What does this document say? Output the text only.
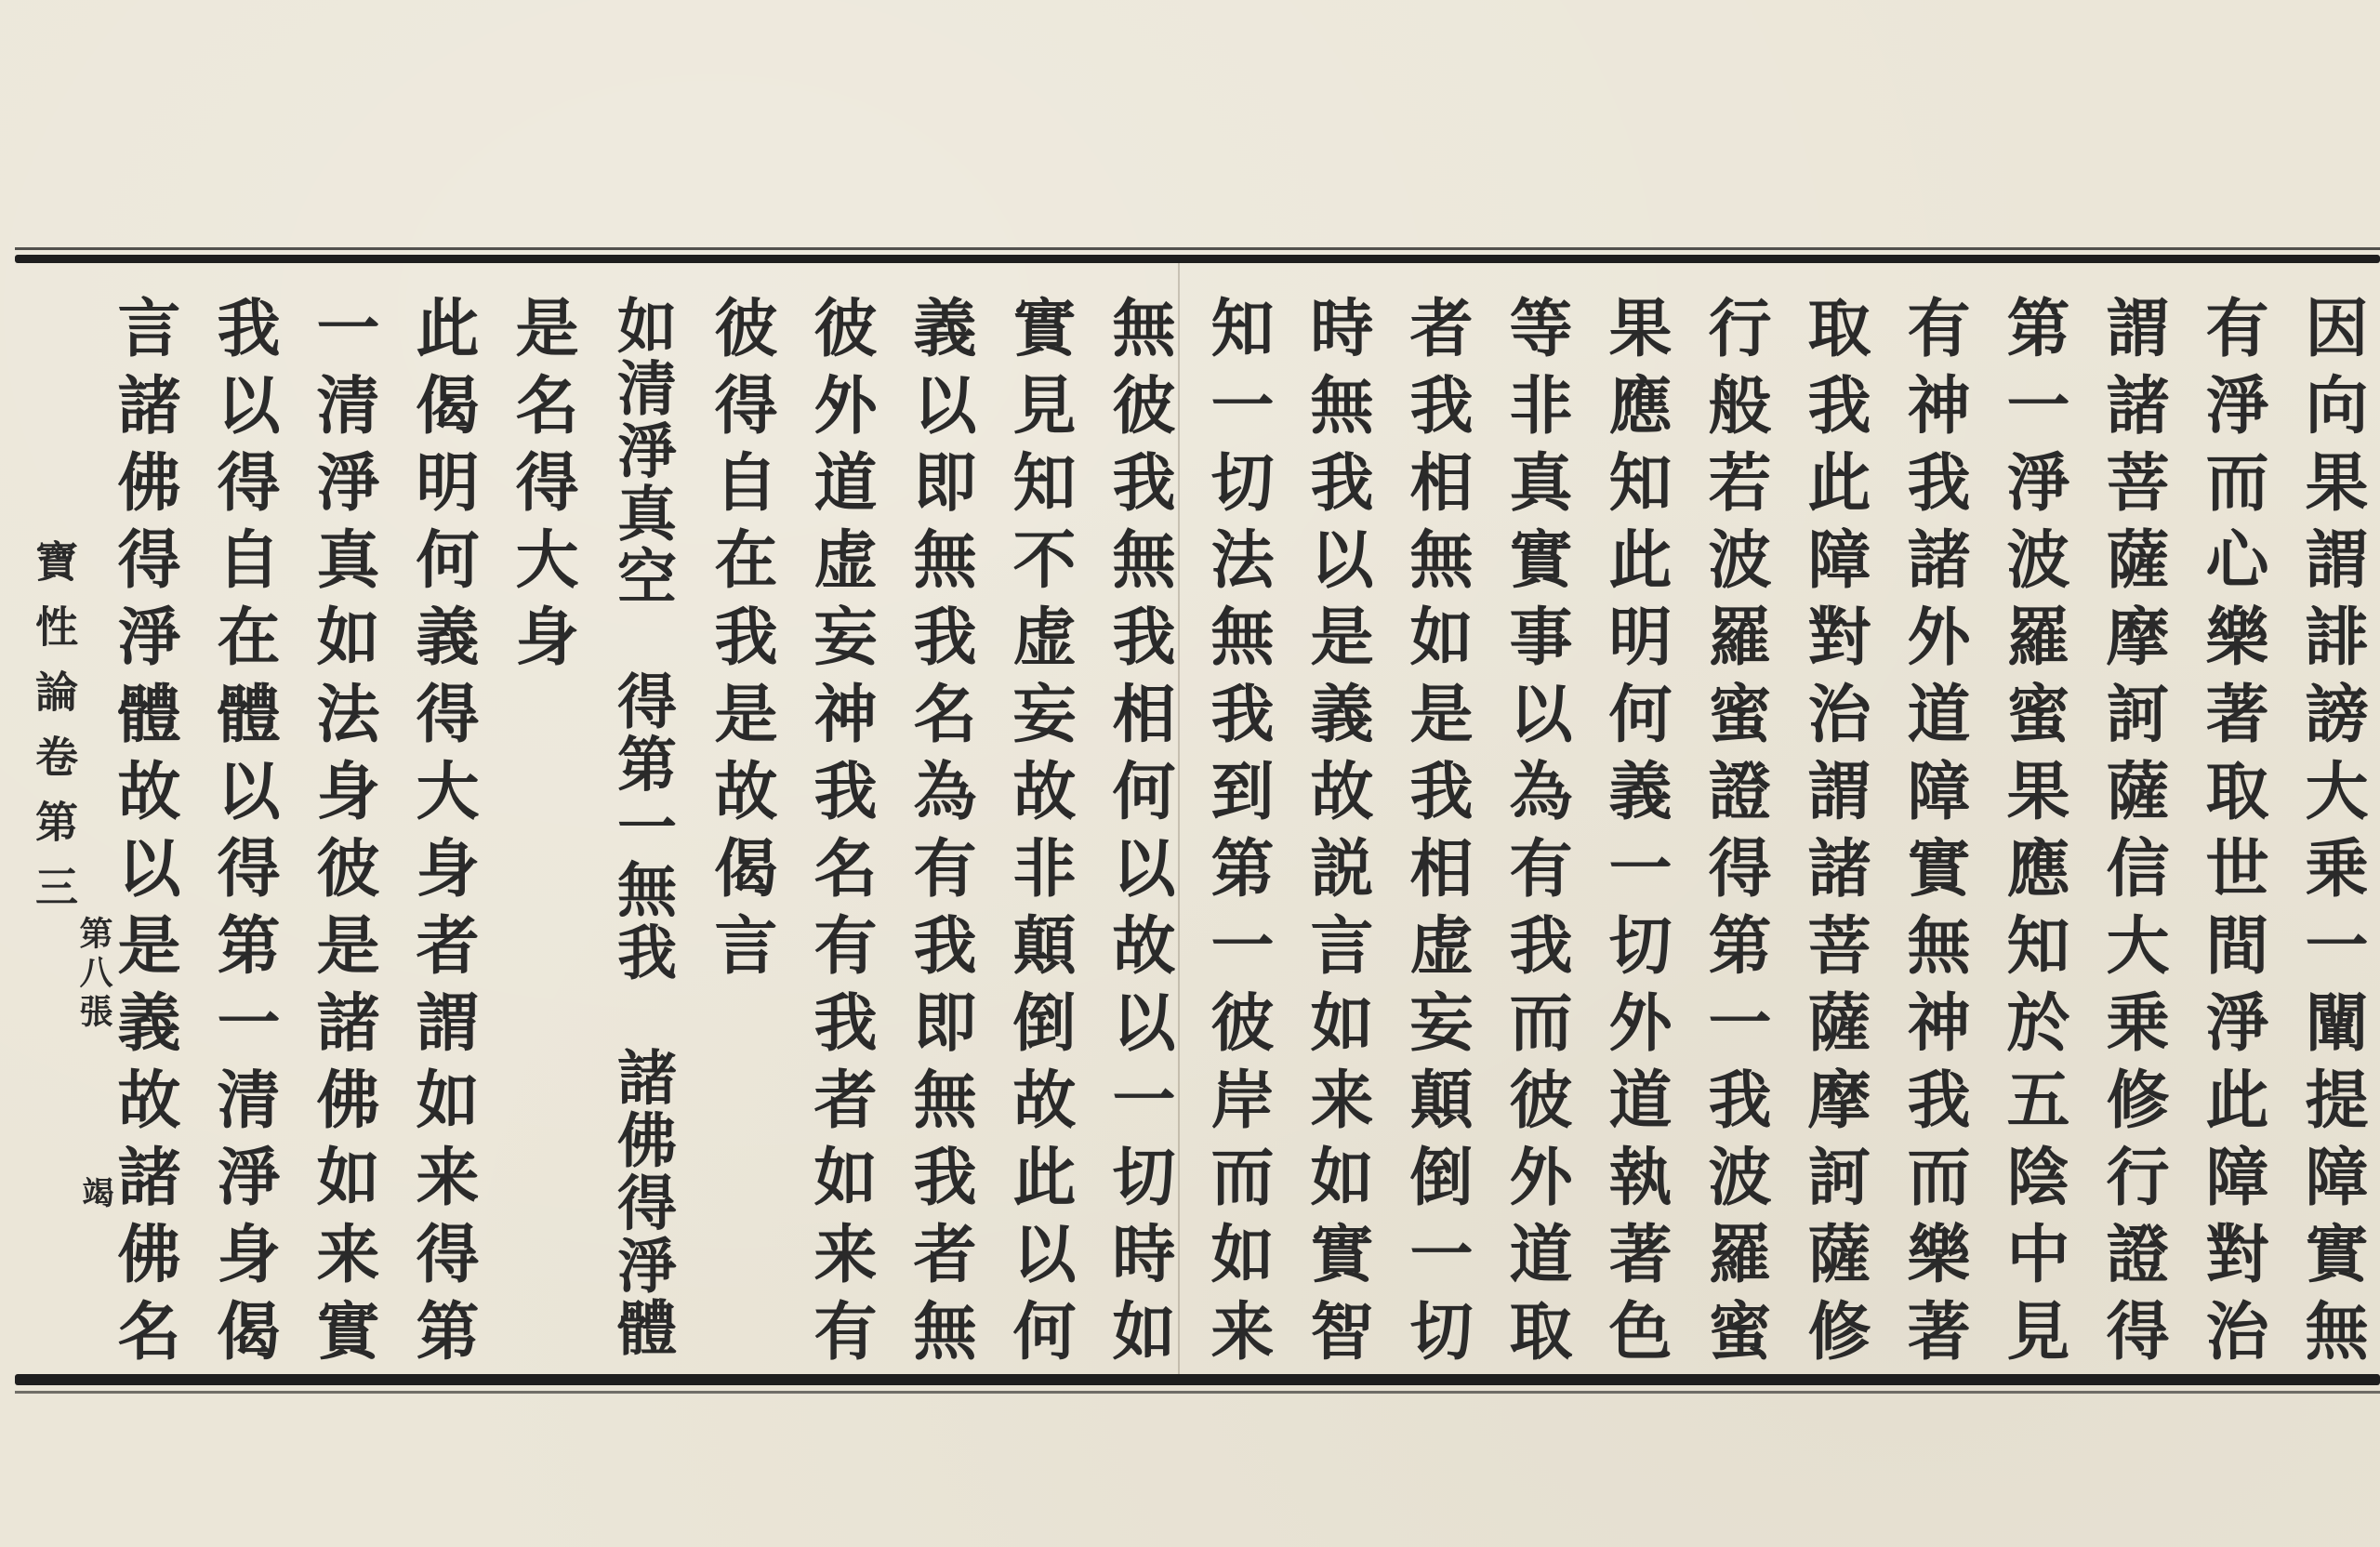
因向果謂誹謗大乗一闡提障實無
有淨而心樂著取世間淨此障對治
謂諸菩薩摩訶薩信大乗修行證得
第一淨波羅蜜果應知於五陰中見
有神我諸外道障實無神我而樂著
取我此障對治謂諸菩薩摩訶薩修
行般若波羅蜜證得第一我波羅蜜
果應知此明何義一切外道執著色
等非真實事以為有我而彼外道取
者我相無如是我相虚妄顛倒一切
時無我以是義故説言如来如實智
知一切法無我到第一彼岸而如来
無彼我無我相何以故以一切時如
實見知不虚妄故非顛倒故此以何
義以即無我名為有我即無我者無
彼外道虚妄神我名有我者如来有
彼得自在我是故偈言
如清淨真空　得第一無我　諸佛得淨體
是名得大身
此偈明何義得大身者謂如来得第
一清淨真如法身彼是諸佛如来實
我以得自在體以得第一清淨身偈
言諸佛得淨體故以是義故諸佛名
寶性論卷第三
第八張
竭
